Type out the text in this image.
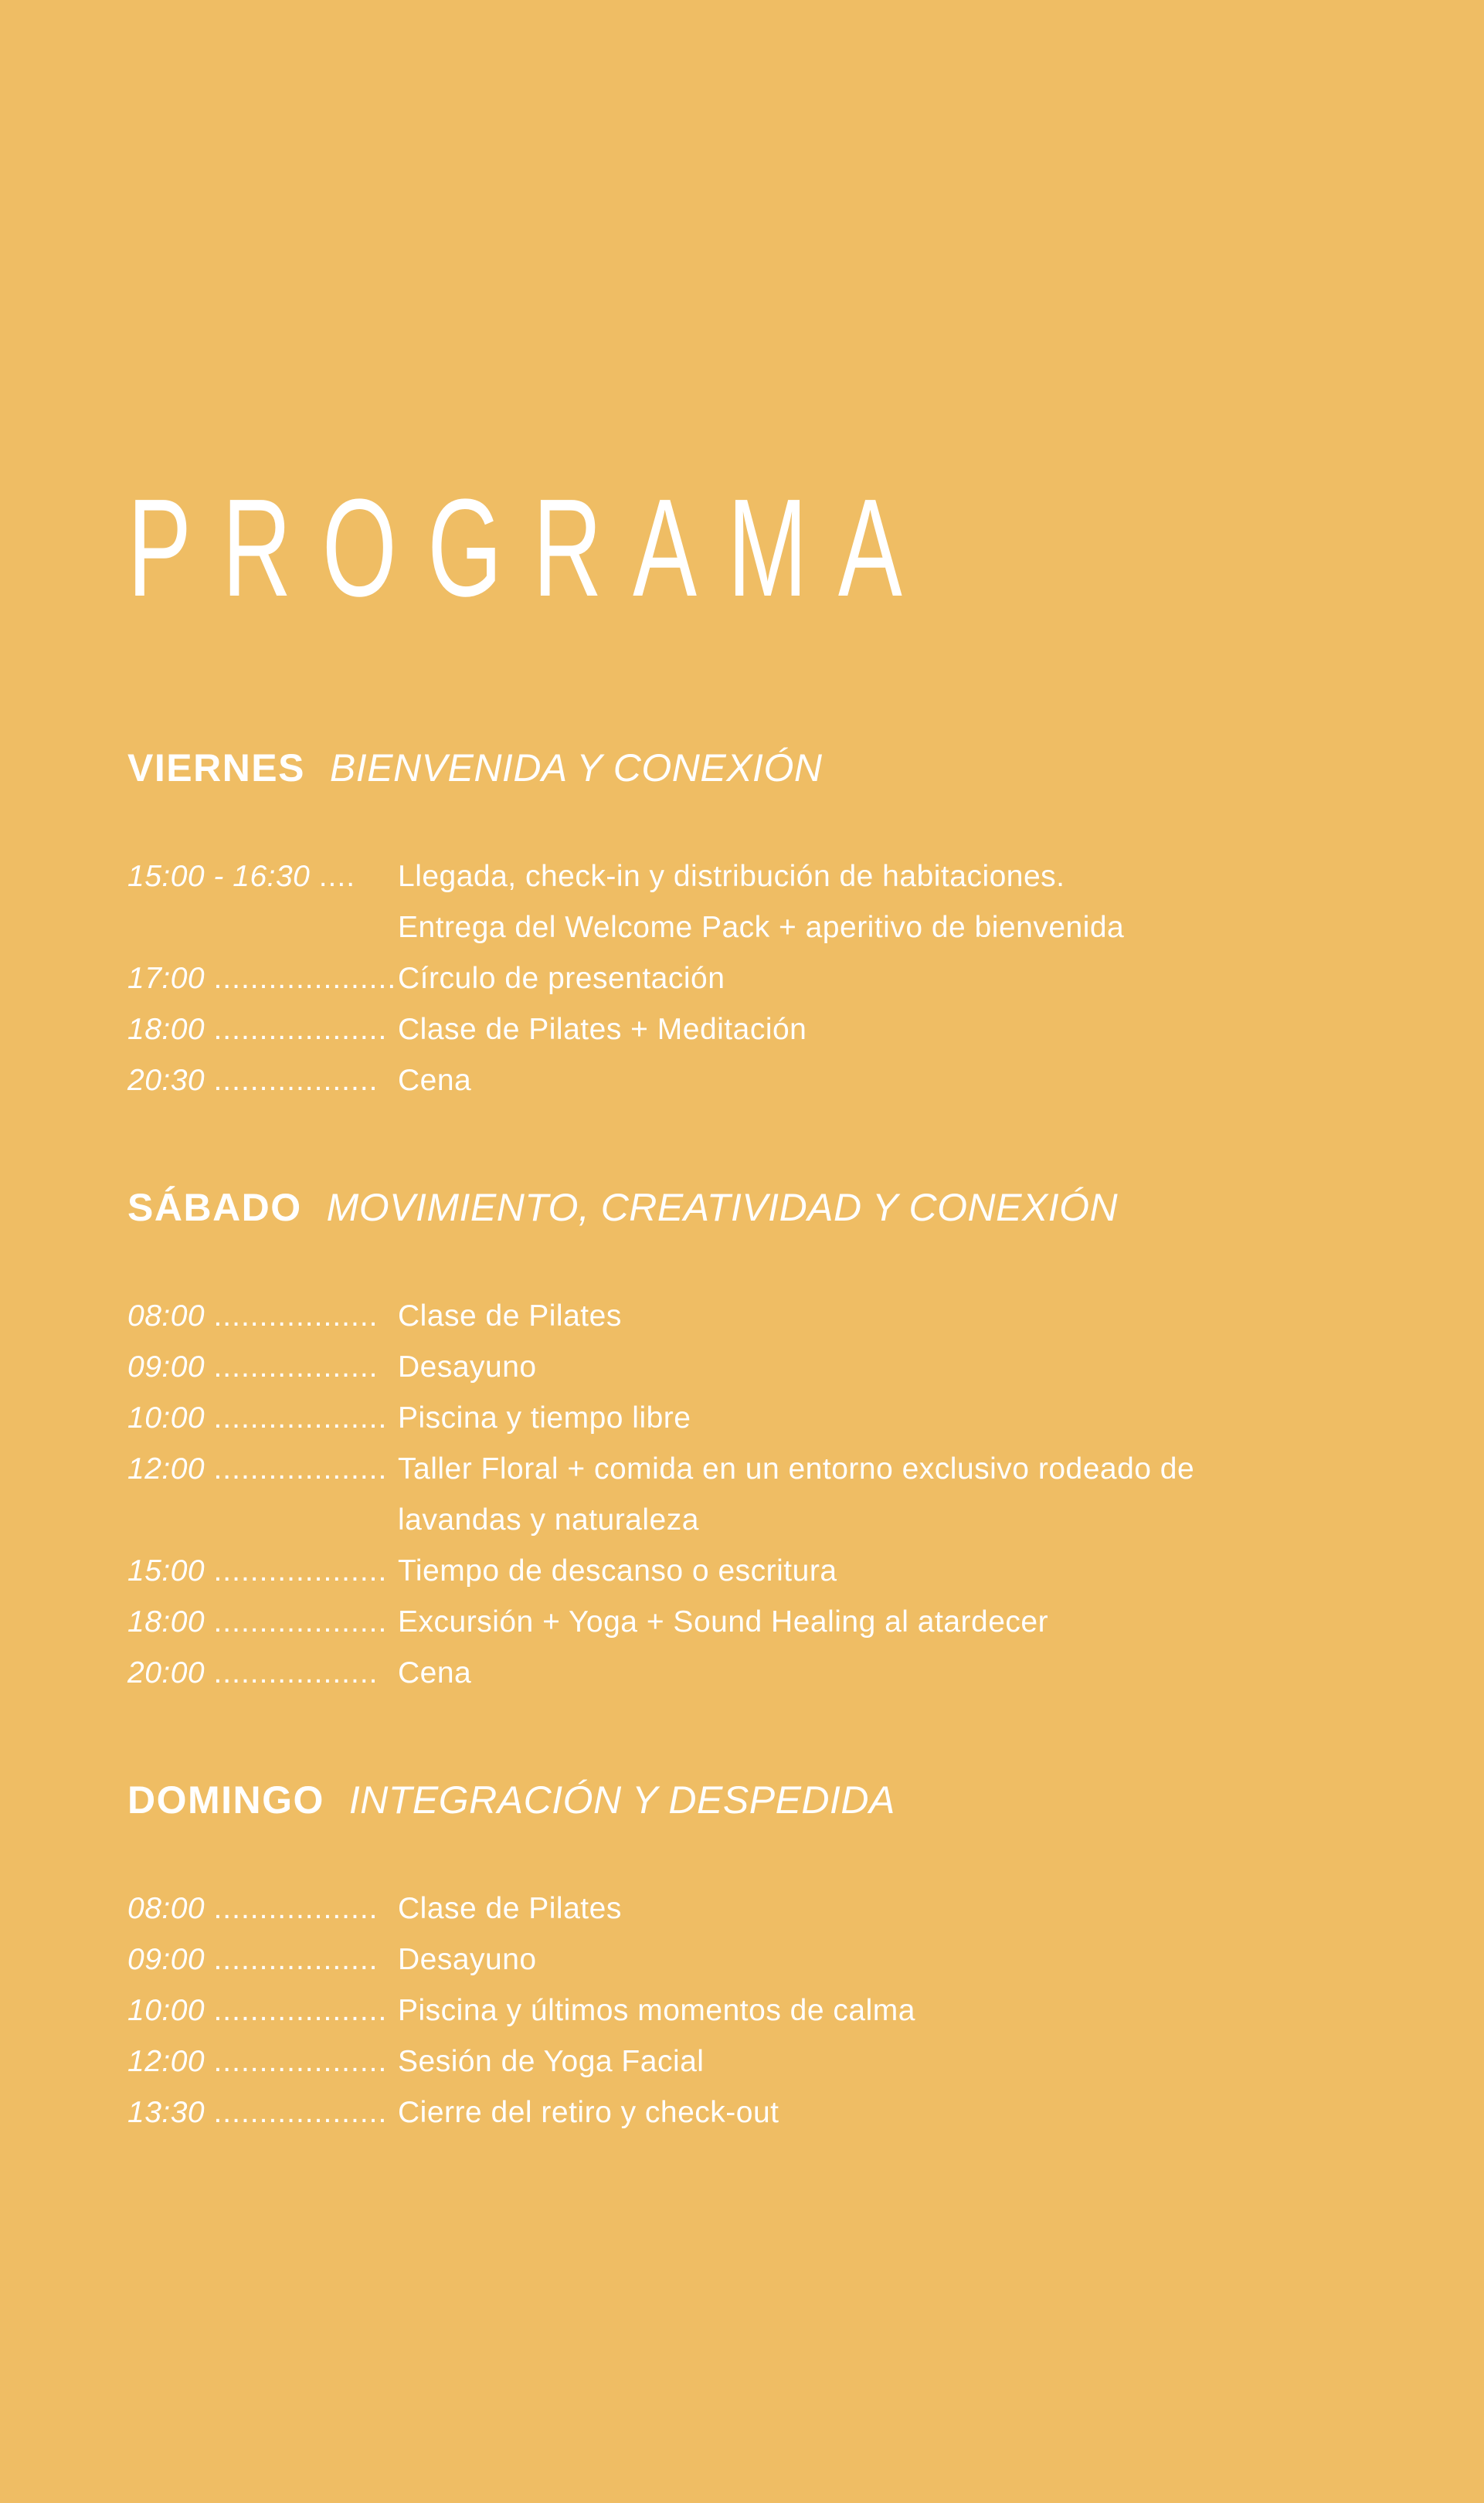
PROGRAMA
VIERNES BIENVENIDA Y CONEXIÓN
15:00 - 16:30 ....	Llegada, check-in y distribución de habitaciones.
Entrega del Welcome Pack + aperitivo de bienvenida
17:00 .................... Círculo de presentación
18:00 ................... Clase de Pilates + Meditación
20:30 .................. Cena
SÁBADO MOVIMIENTO, CREATIVIDAD Y CONEXIÓN
08:00 .................. Clase de Pilates
09:00 .................. Desayuno
10:00 ................... Piscina y tiempo libre
12:00 ................... Taller Floral + comida en un entorno exclusivo rodeado de
lavandas y naturaleza
15:00 ................... Tiempo de descanso o escritura
18:00 ................... Excursión + Yoga + Sound Healing al atardecer
20:00 .................. Cena
DOMINGO INTEGRACIÓN Y DESPEDIDA
08:00 .................. Clase de Pilates
09:00 .................. Desayuno
10:00 ................... Piscina y últimos momentos de calma
12:00 ................... Sesión de Yoga Facial
13:30 ................... Cierre del retiro y check-out
